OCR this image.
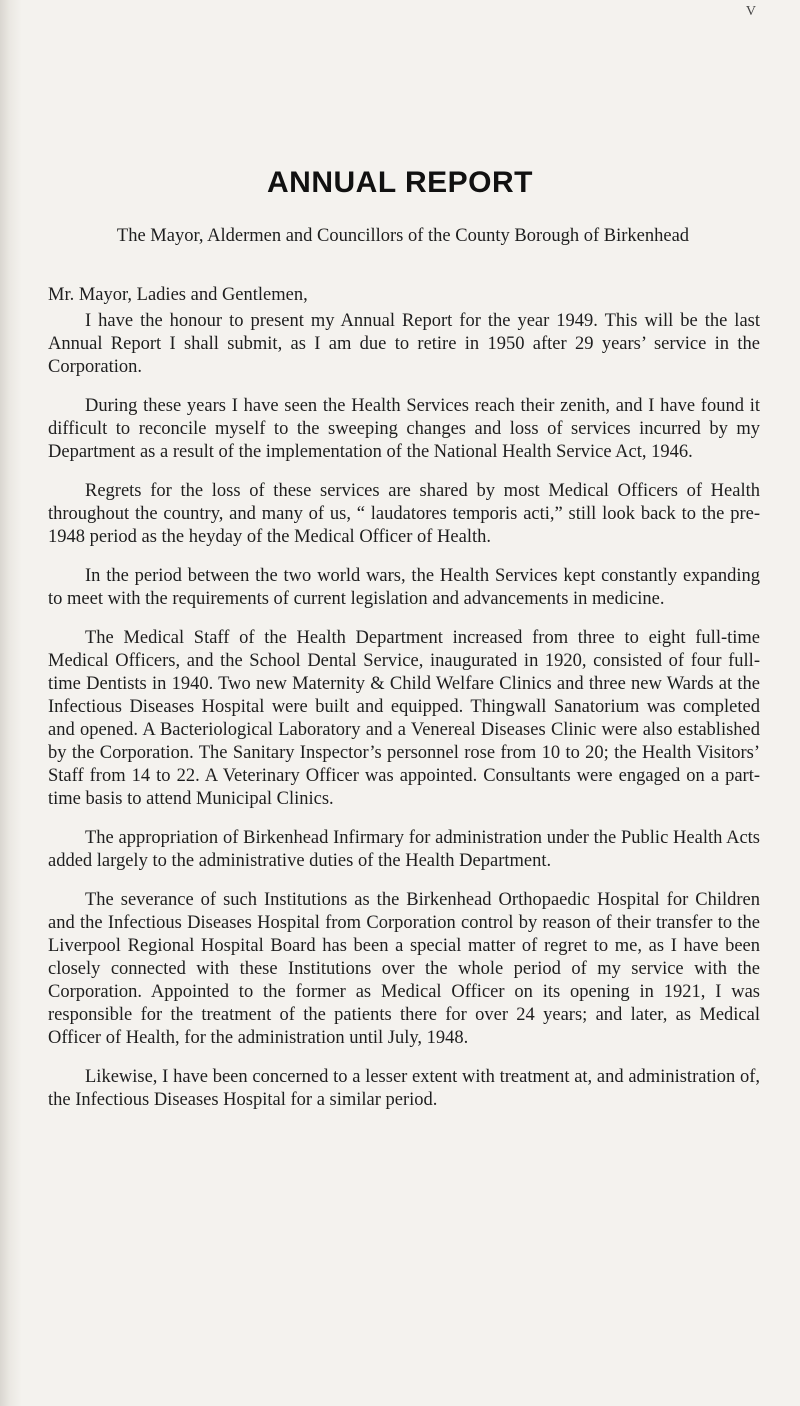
V
ANNUAL REPORT
The Mayor, Aldermen and Councillors of the County Borough of Birkenhead
Mr. Mayor, Ladies and Gentlemen,

I have the honour to present my Annual Report for the year 1949. This will be the last Annual Report I shall submit, as I am due to retire in 1950 after 29 years’ service in the Corporation.

During these years I have seen the Health Services reach their zenith, and I have found it difficult to reconcile myself to the sweeping changes and loss of services incurred by my Department as a result of the implementation of the National Health Service Act, 1946.

Regrets for the loss of these services are shared by most Medical Officers of Health throughout the country, and many of us, “ laudatores temporis acti,” still look back to the pre-1948 period as the heyday of the Medical Officer of Health.

In the period between the two world wars, the Health Services kept constantly expanding to meet with the requirements of current legislation and advancements in medicine.

The Medical Staff of the Health Department increased from three to eight full-time Medical Officers, and the School Dental Service, inaugurated in 1920, consisted of four full-time Dentists in 1940. Two new Maternity & Child Welfare Clinics and three new Wards at the Infectious Diseases Hospital were built and equipped. Thingwall Sanatorium was completed and opened. A Bacteriological Laboratory and a Venereal Diseases Clinic were also established by the Corporation. The Sanitary Inspector’s personnel rose from 10 to 20; the Health Visitors’ Staff from 14 to 22. A Veterinary Officer was appointed. Consultants were engaged on a part-time basis to attend Municipal Clinics.

The appropriation of Birkenhead Infirmary for administration under the Public Health Acts added largely to the administrative duties of the Health Department.

The severance of such Institutions as the Birkenhead Orthopaedic Hospital for Children and the Infectious Diseases Hospital from Corporation control by reason of their transfer to the Liverpool Regional Hospital Board has been a special matter of regret to me, as I have been closely connected with these Institutions over the whole period of my service with the Corporation. Appointed to the former as Medical Officer on its opening in 1921, I was responsible for the treatment of the patients there for over 24 years; and later, as Medical Officer of Health, for the administration until July, 1948.

Likewise, I have been concerned to a lesser extent with treatment at, and administration of, the Infectious Diseases Hospital for a similar period.
